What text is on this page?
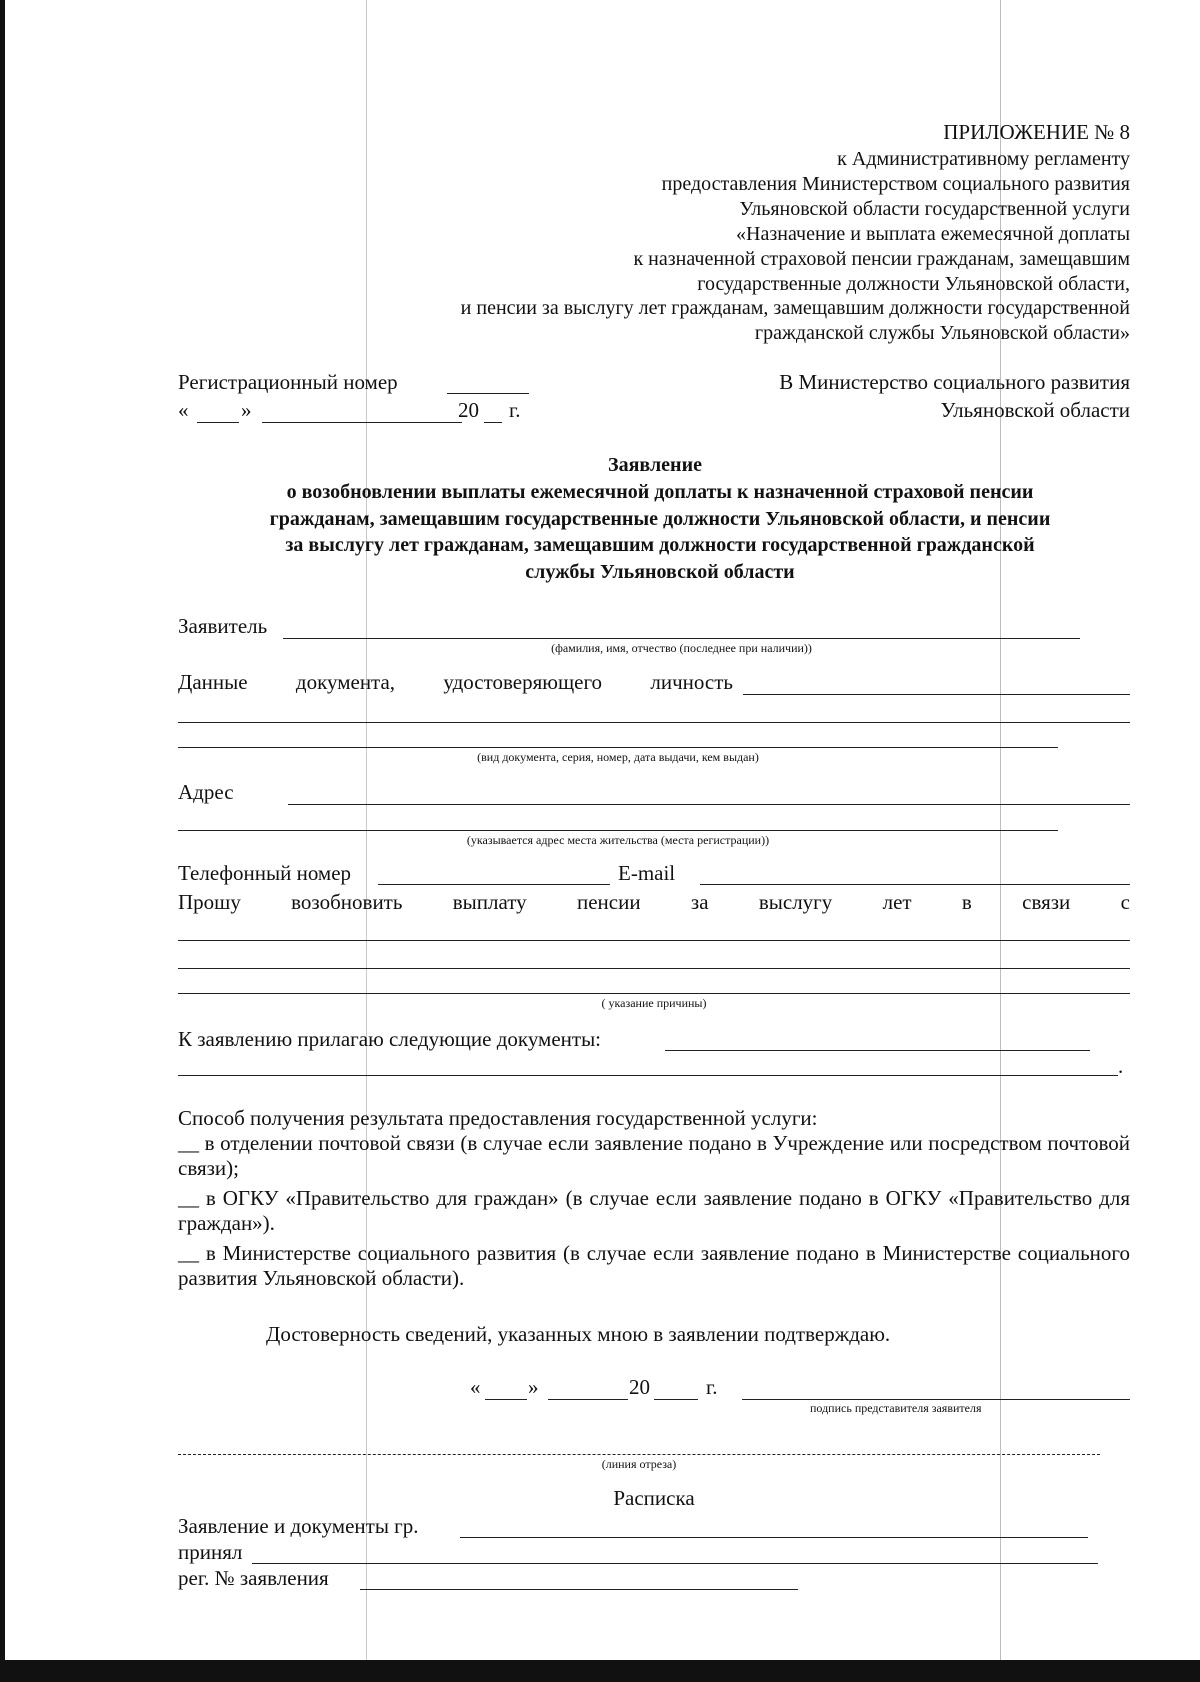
ПРИЛОЖЕНИЕ № 8
к Административному регламенту
предоставления Министерством социального развития
Ульяновской области государственной услуги
«Назначение и выплата ежемесячной доплаты
к назначенной страховой пенсии гражданам, замещавшим
государственные должности Ульяновской области,
и пенсии за выслугу лет гражданам, замещавшим должности государственной
гражданской службы Ульяновской области»
Регистрационный номер
«	»	20 г.
В Министерство социального развития
Ульяновской области
Заявление
о возобновлении выплаты ежемесячной доплаты к назначенной страховой пенсии
гражданам, замещавшим государственные должности Ульяновской области, и пенсии
за выслугу лет гражданам, замещавшим должности государственной гражданской
службы Ульяновской области
Заявитель
(фамилия, имя, отчество (последнее при наличии))
Данные документа, удостоверяющего личность
(вид документа, серия, номер, дата выдачи, кем выдан)
Адрес
(указывается адрес места жительства (места регистрации))
Телефонный номер	E-mail
Прошу возобновить выплату пенсии за выслугу лет в связи с
( указание причины)
К заявлению прилагаю следующие документы:
.
Способ получения результата предоставления государственной услуги:
__ в отделении почтовой связи (в случае если заявление подано в Учреждение или посредством почтовой связи);
__ в ОГКУ «Правительство для граждан» (в случае если заявление подано в ОГКУ «Правительство для граждан»).
__ в Министерстве социального развития (в случае если заявление подано в Министерстве социального развития Ульяновской области).
Достоверность сведений, указанных мною в заявлении подтверждаю.
« »	20	г.
подпись представителя заявителя
(линия отреза)
Расписка
Заявление и документы гр.
принял
рег. № заявления
